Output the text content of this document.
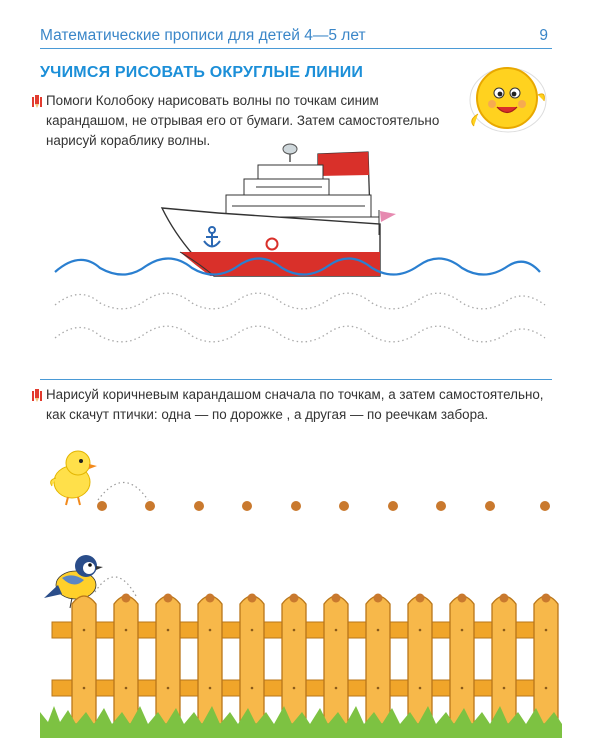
Математические прописи для детей 4—5 лет	9
УЧИМСЯ РИСОВАТЬ ОКРУГЛЫЕ ЛИНИИ
Помоги Колобоку нарисовать волны по точкам синим карандашом, не отрывая его от бумаги. Затем самостоятельно нарисуй кораблику волны.
Нарисуй коричневым карандашом сначала по точкам, а затем самостоятельно, как скачут птички: одна — по дорожке , а другая — по реечкам забора.
